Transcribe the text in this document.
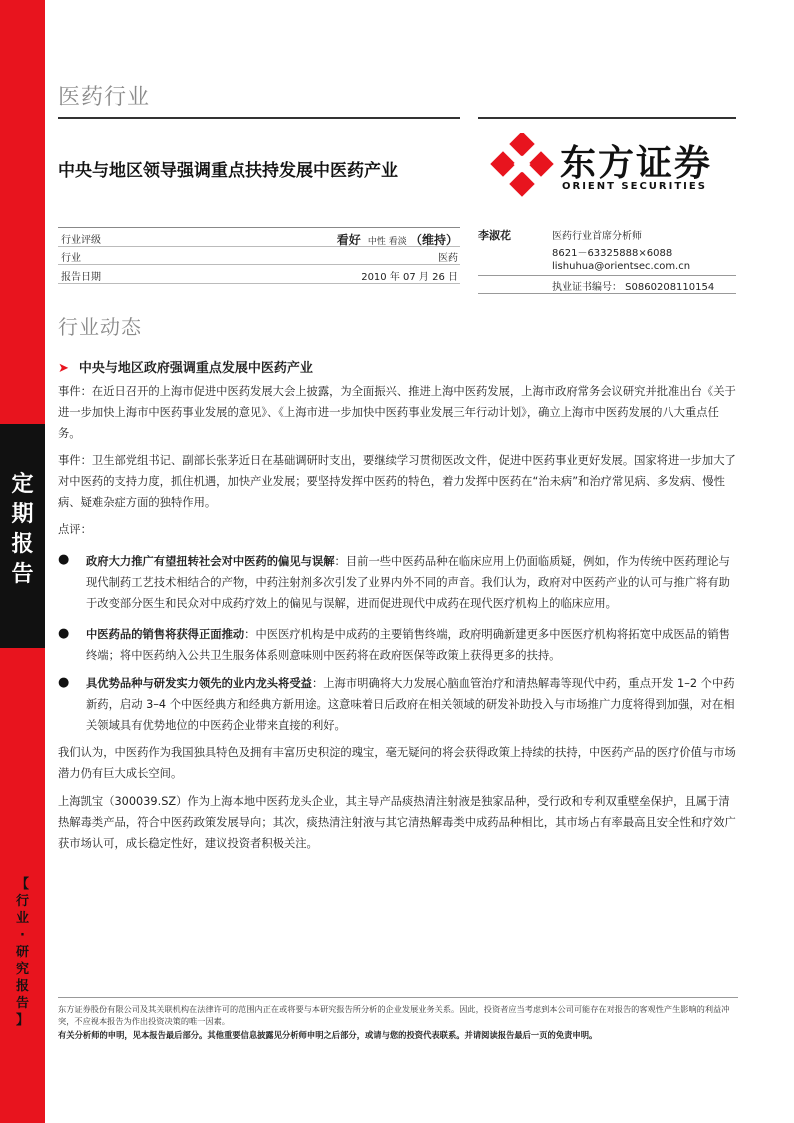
定
期
报
告
【
行
业
·
研
究
报
告
】
医药行业
中央与地区领导强调重点扶持发展中医药产业	东方证券
ORIENT SECURITIES
行业评级	看好 中性 看淡 （维持）
行业	医药
报告日期	2010 年 07 月 26 日
李淑花	医药行业首席分析师
8621－63325888×6088
lishuhua@orientsec.com.cn
执业证书编号： S0860208110154
行业动态
➤ 中央与地区政府强调重点发展中医药产业
事件：在近日召开的上海市促进中医药发展大会上披露，为全面振兴、推进上海中医药发展，上海市政府常务会议研究并批准出台《关于进一步加快上海市中医药事业发展的意见》、《上海市进一步加快中医药事业发展三年行动计划》，确立上海市中医药发展的八大重点任务。
事件：卫生部党组书记、副部长张茅近日在基础调研时支出，要继续学习贯彻医改文件，促进中医药事业更好发展。国家将进一步加大了对中医药的支持力度，抓住机遇，加快产业发展；要坚持发挥中医药的特色，着力发挥中医药在“治未病”和治疗常见病、多发病、慢性病、疑难杂症方面的独特作用。
点评：
● 政府大力推广有望扭转社会对中医药的偏见与误解：目前一些中医药品种在临床应用上仍面临质疑，例如，作为传统中医药理论与现代制药工艺技术相结合的产物，中药注射剂多次引发了业界内外不同的声音。我们认为，政府对中医药产业的认可与推广将有助于改变部分医生和民众对中成药疗效上的偏见与误解，进而促进现代中成药在现代医疗机构上的临床应用。
● 中医药品的销售将获得正面推动：中医医疗机构是中成药的主要销售终端，政府明确新建更多中医医疗机构将拓宽中成医品的销售终端；将中医药纳入公共卫生服务体系则意味则中医药将在政府医保等政策上获得更多的扶持。
● 具优势品种与研发实力领先的业内龙头将受益：上海市明确将大力发展心脑血管治疗和清热解毒等现代中药，重点开发 1–2 个中药新药，启动 3–4 个中医经典方和经典方新用途。这意味着日后政府在相关领域的研发补助投入与市场推广力度将得到加强，对在相关领域具有优势地位的中医药企业带来直接的利好。
我们认为，中医药作为我国独具特色及拥有丰富历史积淀的瑰宝，毫无疑问的将会获得政策上持续的扶持，中医药产品的医疗价值与市场潜力仍有巨大成长空间。
上海凯宝（300039.SZ）作为上海本地中医药龙头企业，其主导产品痰热清注射液是独家品种，受行政和专利双重壁垒保护，且属于清热解毒类产品，符合中医药政策发展导向；其次，痰热清注射液与其它清热解毒类中成药品种相比，其市场占有率最高且安全性和疗效广获市场认可，成长稳定性好，建议投资者积极关注。
东方证券股份有限公司及其关联机构在法律许可的范围内正在或将要与本研究报告所分析的企业发展业务关系。因此，投资者应当考虑到本公司可能存在对报告的客观性产生影响的利益冲突，不应视本报告为作出投资决策的唯一因素。
有关分析师的申明，见本报告最后部分。其他重要信息披露见分析师申明之后部分，或请与您的投资代表联系。并请阅读报告最后一页的免责申明。
